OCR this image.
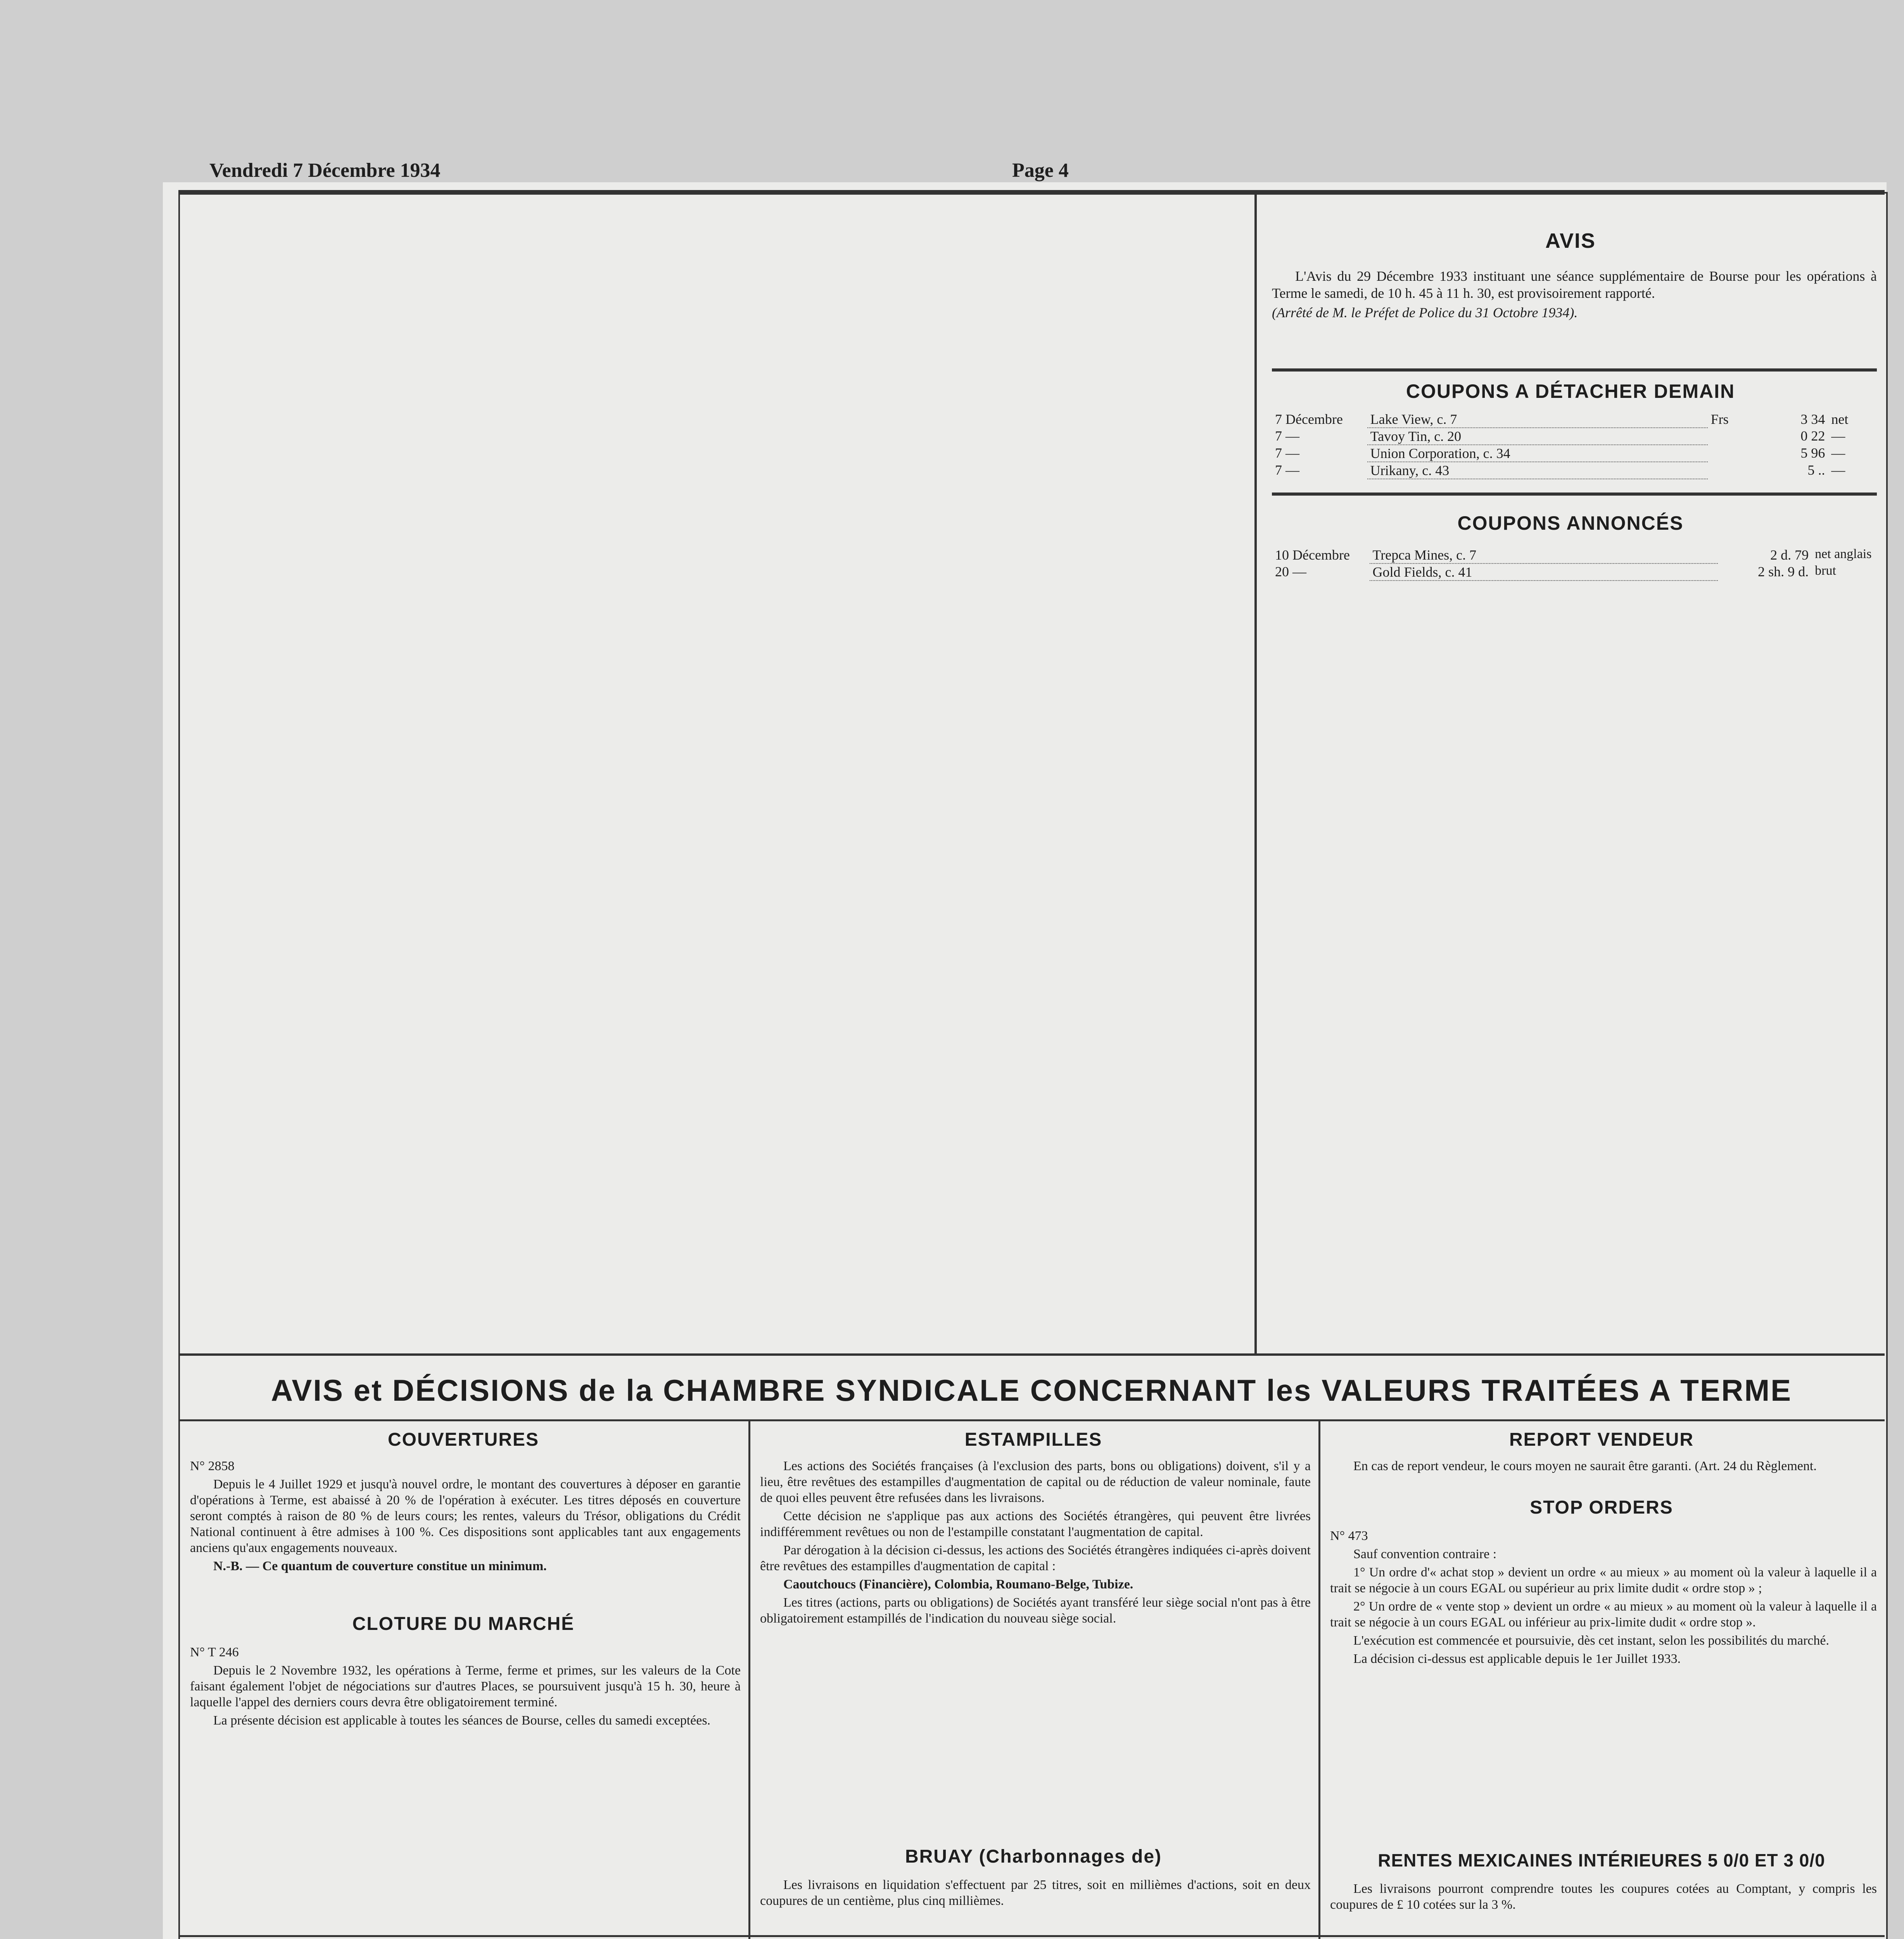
Vendredi 7 Décembre 1934	Page 4
AVIS

L'Avis du 29 Décembre 1933 instituant une séance supplémentaire de Bourse pour les opérations à Terme le samedi, de 10 h. 45 à 11 h. 30, est provisoirement rapporté.

(Arrêté de M. le Préfet de Police du 31 Octobre 1934).

COUPONS A DÉTACHER DEMAIN
7 Décembre	Lake View, c. 7	Frs	3 34	net
7 —	Tavoy Tin, c. 20		0 22	—
7 —	Union Corporation, c. 34		5 96	—
7 —	Urikany, c. 43		5 ..	—
COUPONS ANNONCÉS
10 Décembre	Trepca Mines, c. 7	2 d. 79	net anglais
20 —	Gold Fields, c. 41	2 sh. 9 d.	brut
AVIS et DÉCISIONS de la CHAMBRE SYNDICALE CONCERNANT les VALEURS TRAITÉES A TERME
COUVERTURES

N° 2858

Depuis le 4 Juillet 1929 et jusqu'à nouvel ordre, le montant des couvertures à déposer en garantie d'opérations à Terme, est abaissé à 20 % de l'opération à exécuter. Les titres déposés en couverture seront comptés à raison de 80 % de leurs cours; les rentes, valeurs du Trésor, obligations du Crédit National continuent à être admises à 100 %. Ces dispositions sont applicables tant aux engagements anciens qu'aux engagements nouveaux.

N.-B. — Ce quantum de couverture constitue un minimum.

CLOTURE DU MARCHÉ

N° T 246

Depuis le 2 Novembre 1932, les opérations à Terme, ferme et primes, sur les valeurs de la Cote faisant également l'objet de négociations sur d'autres Places, se poursuivent jusqu'à 15 h. 30, heure à laquelle l'appel des derniers cours devra être obligatoirement terminé.

La présente décision est applicable à toutes les séances de Bourse, celles du samedi exceptées.

ESTAMPILLES

Les actions des Sociétés françaises (à l'exclusion des parts, bons ou obligations) doivent, s'il y a lieu, être revêtues des estampilles d'augmentation de capital ou de réduction de valeur nominale, faute de quoi elles peuvent être refusées dans les livraisons.

Cette décision ne s'applique pas aux actions des Sociétés étrangères, qui peuvent être livrées indifféremment revêtues ou non de l'estampille constatant l'augmentation de capital.

Par dérogation à la décision ci-dessus, les actions des Sociétés étrangères indiquées ci-après doivent être revêtues des estampilles d'augmentation de capital :

Caoutchoucs (Financière), Colombia, Roumano-Belge, Tubize.

Les titres (actions, parts ou obligations) de Sociétés ayant transféré leur siège social n'ont pas à être obligatoirement estampillés de l'indication du nouveau siège social.

BRUAY (Charbonnages de)

Les livraisons en liquidation s'effectuent par 25 titres, soit en millièmes d'actions, soit en deux coupures de un centième, plus cinq millièmes.

REPORT VENDEUR

En cas de report vendeur, le cours moyen ne saurait être garanti. (Art. 24 du Règlement.

STOP ORDERS

N° 473

Sauf convention contraire :

1° Un ordre d'« achat stop » devient un ordre « au mieux » au moment où la valeur à laquelle il a trait se négocie à un cours EGAL ou supérieur au prix limite dudit « ordre stop » ;

2° Un ordre de « vente stop » devient un ordre « au mieux » au moment où la valeur à laquelle il a trait se négocie à un cours EGAL ou inférieur au prix-limite dudit « ordre stop ».

L'exécution est commencée et poursuivie, dès cet instant, selon les possibilités du marché.

La décision ci-dessus est applicable depuis le 1er Juillet 1933.

RENTES MEXICAINES INTÉRIEURES 5 0/0 ET 3 0/0

Les livraisons pourront comprendre toutes les coupures cotées au Comptant, y compris les coupures de £ 10 cotées sur la 3 %.
